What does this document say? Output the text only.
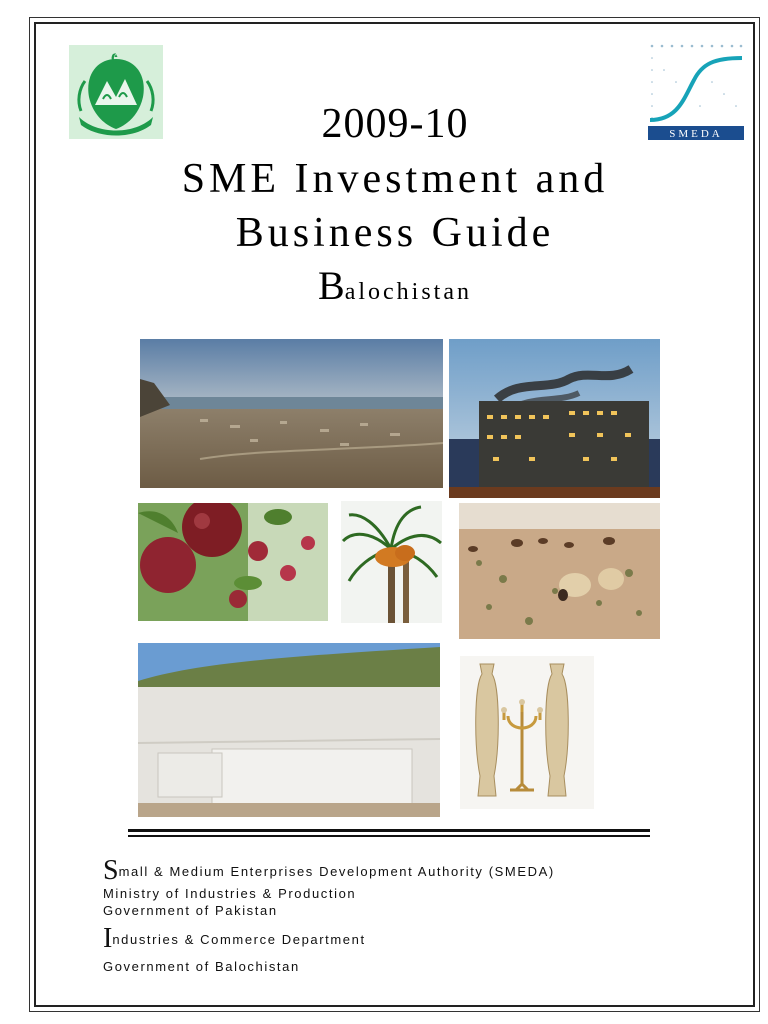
SMEDA
2009-10
SME Investment and
Business Guide
Balochistan
Small & Medium Enterprises Development Authority (SMEDA)
Ministry of Industries & Production
Government of Pakistan
Industries & Commerce Department
Government of Balochistan
